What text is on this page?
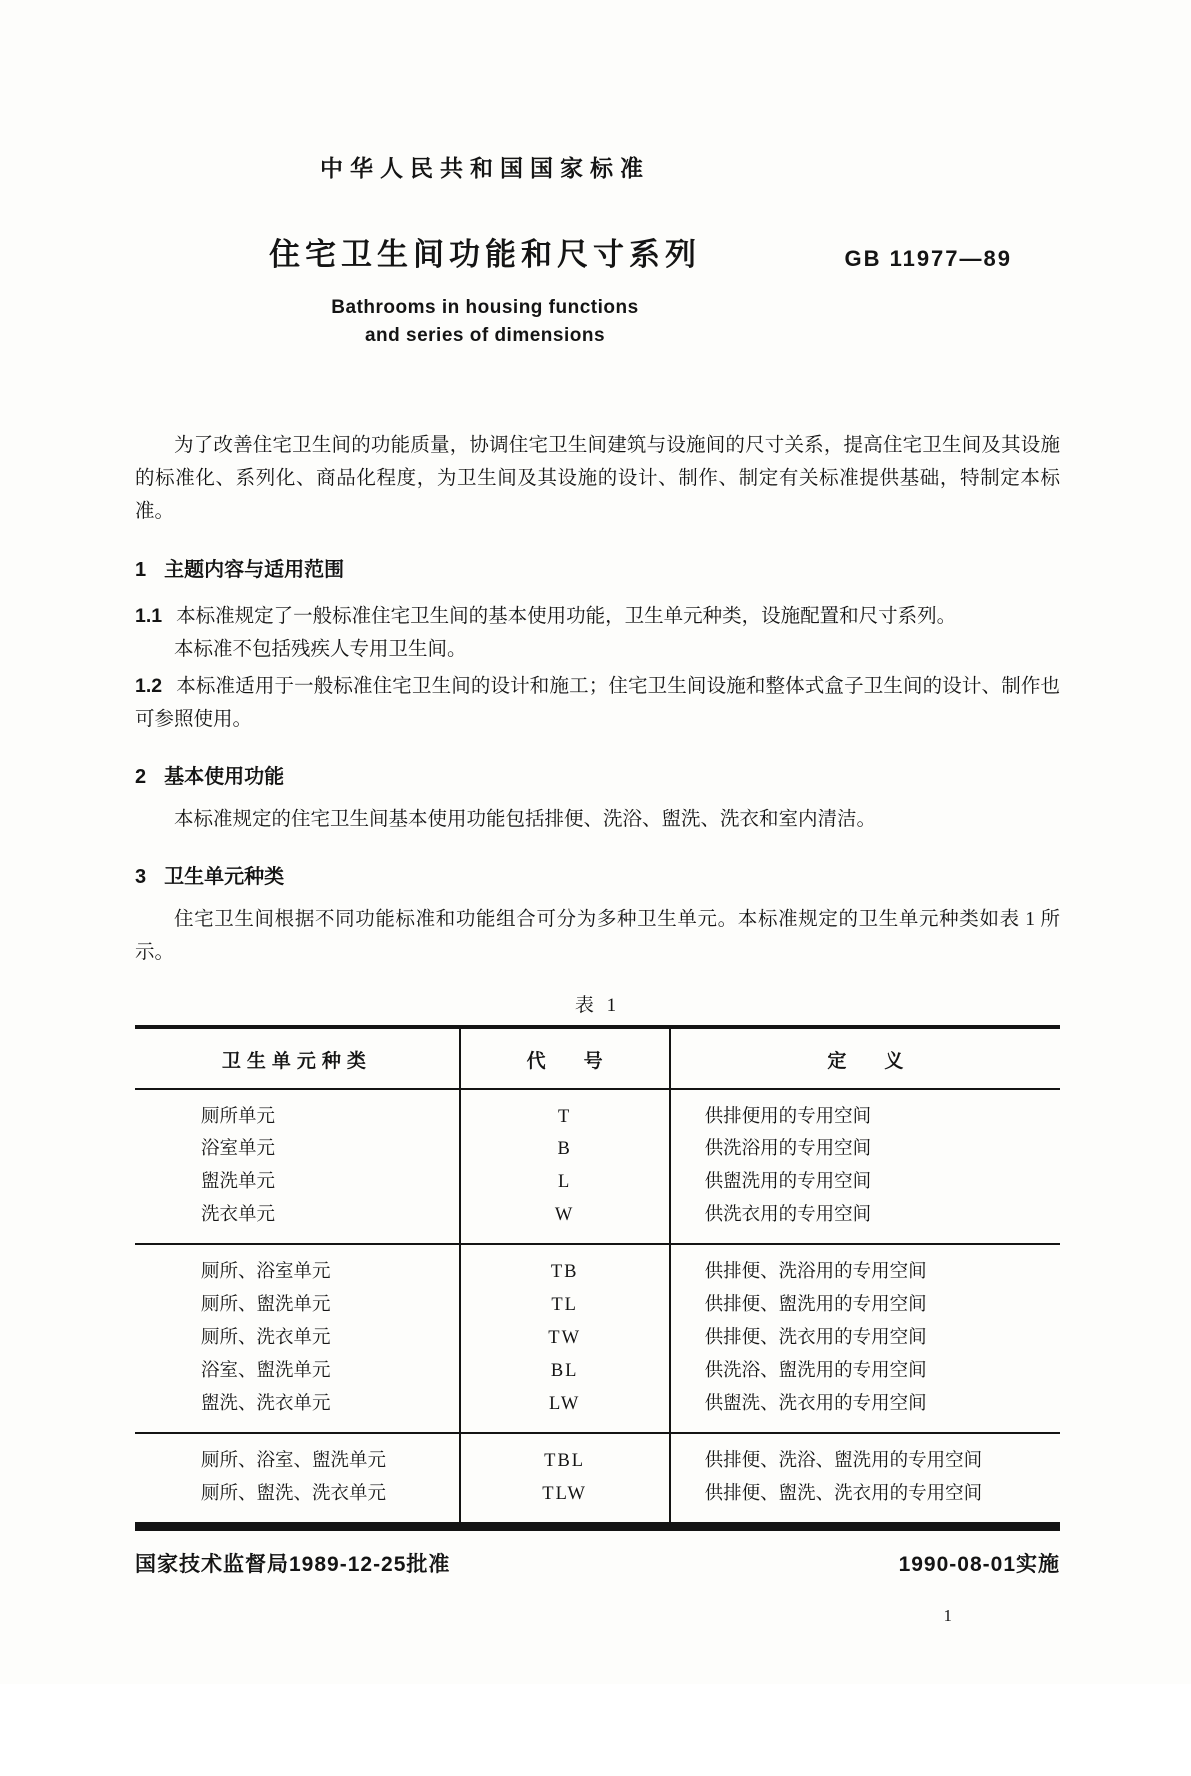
中华人民共和国国家标准
住宅卫生间功能和尺寸系列
Bathrooms in housing functions
and series of dimensions
GB 11977—89

为了改善住宅卫生间的功能质量，协调住宅卫生间建筑与设施间的尺寸关系，提高住宅卫生间及其设施的标准化、系列化、商品化程度，为卫生间及其设施的设计、制作、制定有关标准提供基础，特制定本标准。

1 主题内容与适用范围

1.1 本标准规定了一般标准住宅卫生间的基本使用功能，卫生单元种类，设施配置和尺寸系列。

本标准不包括残疾人专用卫生间。

1.2 本标准适用于一般标准住宅卫生间的设计和施工；住宅卫生间设施和整体式盒子卫生间的设计、制作也可参照使用。

2 基本使用功能

本标准规定的住宅卫生间基本使用功能包括排便、洗浴、盥洗、洗衣和室内清洁。

3 卫生单元种类

住宅卫生间根据不同功能标准和功能组合可分为多种卫生单元。本标准规定的卫生单元种类如表 1 所示。

表 1
卫生单元种类	代　　号	定　　义
厕所单元	T	供排便用的专用空间
浴室单元	B	供洗浴用的专用空间
盥洗单元	L	供盥洗用的专用空间
洗衣单元	W	供洗衣用的专用空间
厕所、浴室单元	TB	供排便、洗浴用的专用空间
厕所、盥洗单元	TL	供排便、盥洗用的专用空间
厕所、洗衣单元	TW	供排便、洗衣用的专用空间
浴室、盥洗单元	BL	供洗浴、盥洗用的专用空间
盥洗、洗衣单元	LW	供盥洗、洗衣用的专用空间
厕所、浴室、盥洗单元	TBL	供排便、洗浴、盥洗用的专用空间
厕所、盥洗、洗衣单元	TLW	供排便、盥洗、洗衣用的专用空间
国家技术监督局1989-12-25批准	1990-08-01实施
1
